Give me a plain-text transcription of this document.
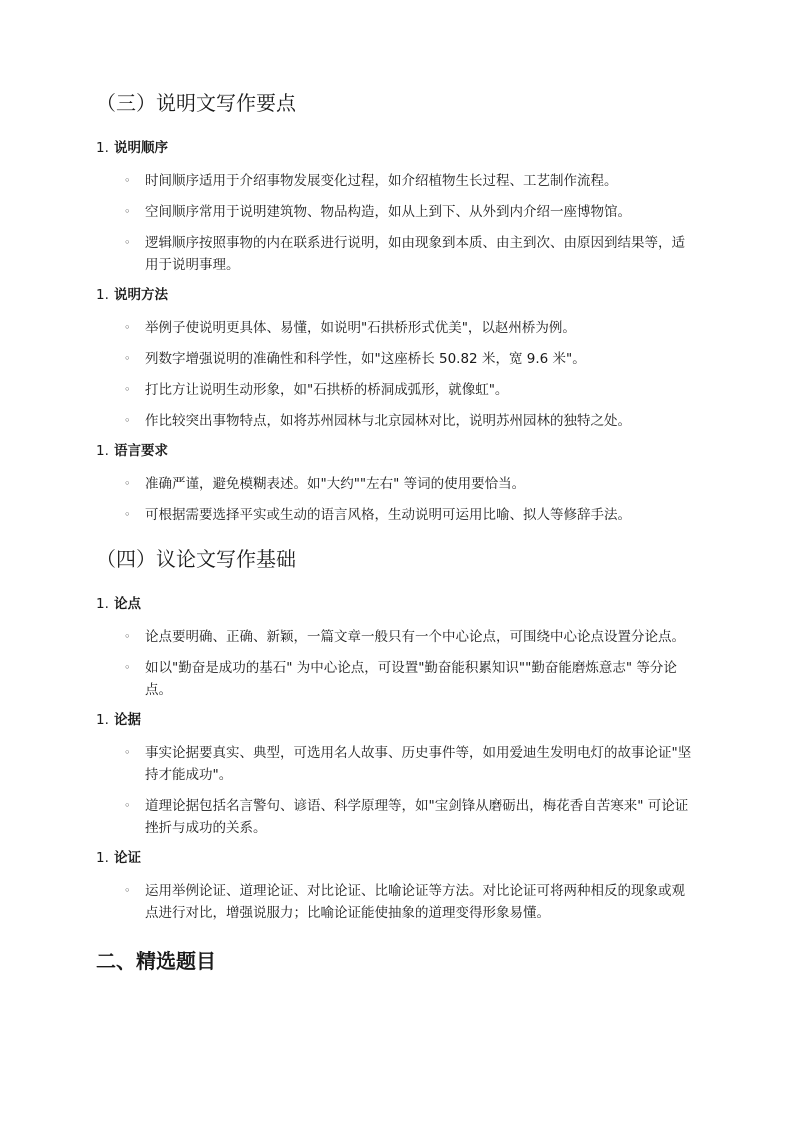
（三）说明文写作要点
1. 说明顺序
◦ 时间顺序适用于介绍事物发展变化过程，如介绍植物生长过程、工艺制作流程。
◦ 空间顺序常用于说明建筑物、物品构造，如从上到下、从外到内介绍一座博物馆。
◦ 逻辑顺序按照事物的内在联系进行说明，如由现象到本质、由主到次、由原因到结果等，适用于说明事理。
1. 说明方法
◦ 举例子使说明更具体、易懂，如说明"石拱桥形式优美"，以赵州桥为例。
◦ 列数字增强说明的准确性和科学性，如"这座桥长 50.82 米，宽 9.6 米"。
◦ 打比方让说明生动形象，如"石拱桥的桥洞成弧形，就像虹"。
◦ 作比较突出事物特点，如将苏州园林与北京园林对比，说明苏州园林的独特之处。
1. 语言要求
◦ 准确严谨，避免模糊表述。如"大约""左右" 等词的使用要恰当。
◦ 可根据需要选择平实或生动的语言风格，生动说明可运用比喻、拟人等修辞手法。
（四）议论文写作基础
1. 论点
◦ 论点要明确、正确、新颖，一篇文章一般只有一个中心论点，可围绕中心论点设置分论点。
◦ 如以"勤奋是成功的基石" 为中心论点，可设置"勤奋能积累知识""勤奋能磨炼意志" 等分论点。
1. 论据
◦ 事实论据要真实、典型，可选用名人故事、历史事件等，如用爱迪生发明电灯的故事论证"坚持才能成功"。
◦ 道理论据包括名言警句、谚语、科学原理等，如"宝剑锋从磨砺出，梅花香自苦寒来" 可论证挫折与成功的关系。
1. 论证
◦ 运用举例论证、道理论证、对比论证、比喻论证等方法。对比论证可将两种相反的现象或观点进行对比，增强说服力；比喻论证能使抽象的道理变得形象易懂。
二、精选题目
